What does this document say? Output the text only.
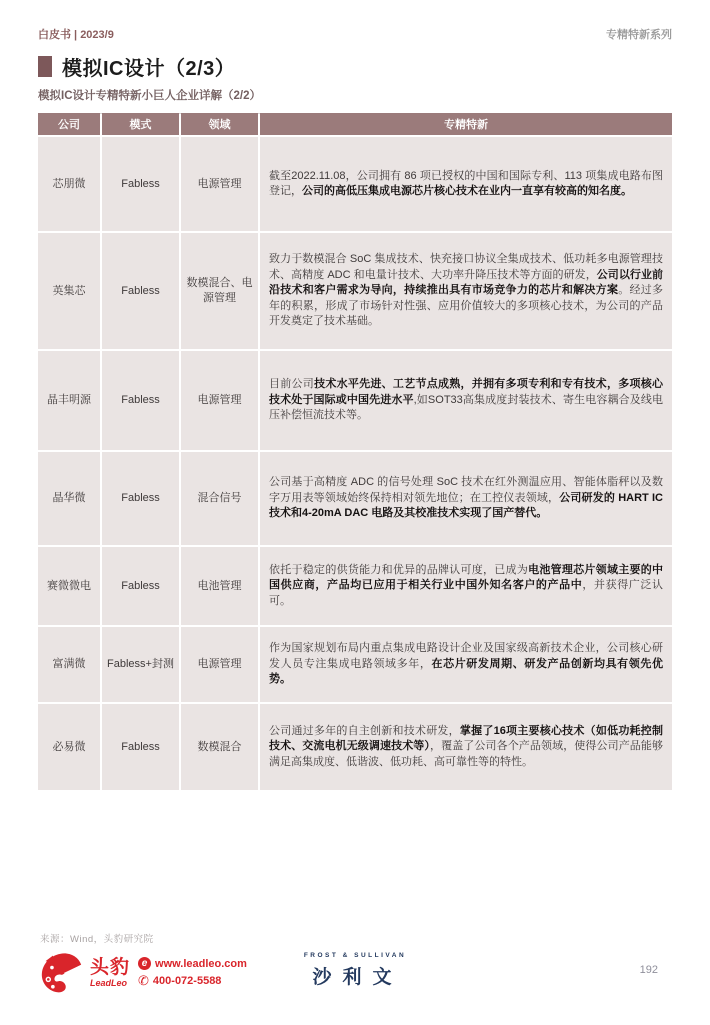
白皮书 | 2023/9	专精特新系列
模拟IC设计（2/3）
模拟IC设计专精特新小巨人企业详解（2/2）
公司	模式	领域	专精特新
芯朋微	Fabless	电源管理	截至2022.11.08，公司拥有 86 项已授权的中国和国际专利、113 项集成电路布图登记，公司的高低压集成电源芯片核心技术在业内一直享有较高的知名度。
英集芯	Fabless	数模混合、电源管理	致力于数模混合 SoC 集成技术、快充接口协议全集成技术、低功耗多电源管理技术、高精度 ADC 和电量计技术、大功率升降压技术等方面的研发，公司以行业前沿技术和客户需求为导向，持续推出具有市场竞争力的芯片和解决方案。经过多年的积累，形成了市场针对性强、应用价值较大的多项核心技术，为公司的产品开发奠定了技术基础。
晶丰明源	Fabless	电源管理	目前公司技术水平先进、工艺节点成熟，并拥有多项专利和专有技术，多项核心技术处于国际或中国先进水平,如SOT33高集成度封装技术、寄生电容耦合及线电压补偿恒流技术等。
晶华微	Fabless	混合信号	公司基于高精度 ADC 的信号处理 SoC 技术在红外测温应用、智能体脂秤以及数字万用表等领域始终保持相对领先地位；在工控仪表领域，公司研发的 HART IC 技术和4-20mA DAC 电路及其校准技术实现了国产替代。
赛微微电	Fabless	电池管理	依托于稳定的供货能力和优异的品牌认可度，已成为电池管理芯片领域主要的中国供应商，产品均已应用于相关行业中国外知名客户的产品中，并获得广泛认可。
富满微	Fabless+封测	电源管理	作为国家规划布局内重点集成电路设计企业及国家级高新技术企业，公司核心研发人员专注集成电路领域多年，在芯片研发周期、研发产品创新均具有领先优势。
必易微	Fabless	数模混合	公司通过多年的自主创新和技术研发，掌握了16项主要核心技术（如低功耗控制技术、交流电机无级调速技术等），覆盖了公司各个产品领域，使得公司产品能够满足高集成度、低谐波、低功耗、高可靠性等的特性。
来源：Wind，头豹研究院
头豹
LeadLeo
e www.leadleo.com
✆ 400-072-5588
FROST & SULLIVAN
沙利文	192
